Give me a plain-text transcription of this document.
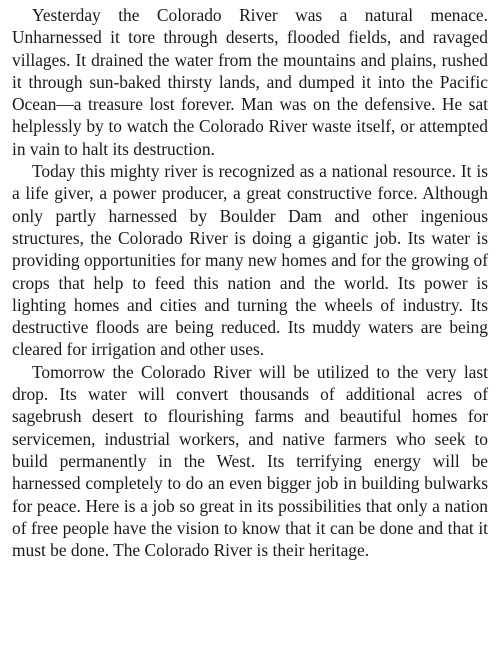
Yesterday the Colorado River was a natural menace. Unharnessed it tore through deserts, flooded fields, and ravaged villages. It drained the water from the mountains and plains, rushed it through sun-baked thirsty lands, and dumped it into the Pacific Ocean—a treasure lost forever. Man was on the defensive. He sat helplessly by to watch the Colorado River waste itself, or attempted in vain to halt its destruction.

Today this mighty river is recognized as a national resource. It is a life giver, a power producer, a great constructive force. Although only partly harnessed by Boulder Dam and other ingenious structures, the Colorado River is doing a gigantic job. Its water is providing opportunities for many new homes and for the growing of crops that help to feed this nation and the world. Its power is lighting homes and cities and turning the wheels of industry. Its destructive floods are being reduced. Its muddy waters are being cleared for irrigation and other uses.

Tomorrow the Colorado River will be utilized to the very last drop. Its water will convert thousands of additional acres of sagebrush desert to flourishing farms and beautiful homes for servicemen, industrial workers, and native farmers who seek to build permanently in the West. Its terrifying energy will be harnessed completely to do an even bigger job in building bulwarks for peace. Here is a job so great in its possibilities that only a nation of free people have the vision to know that it can be done and that it must be done. The Colorado River is their heritage.
